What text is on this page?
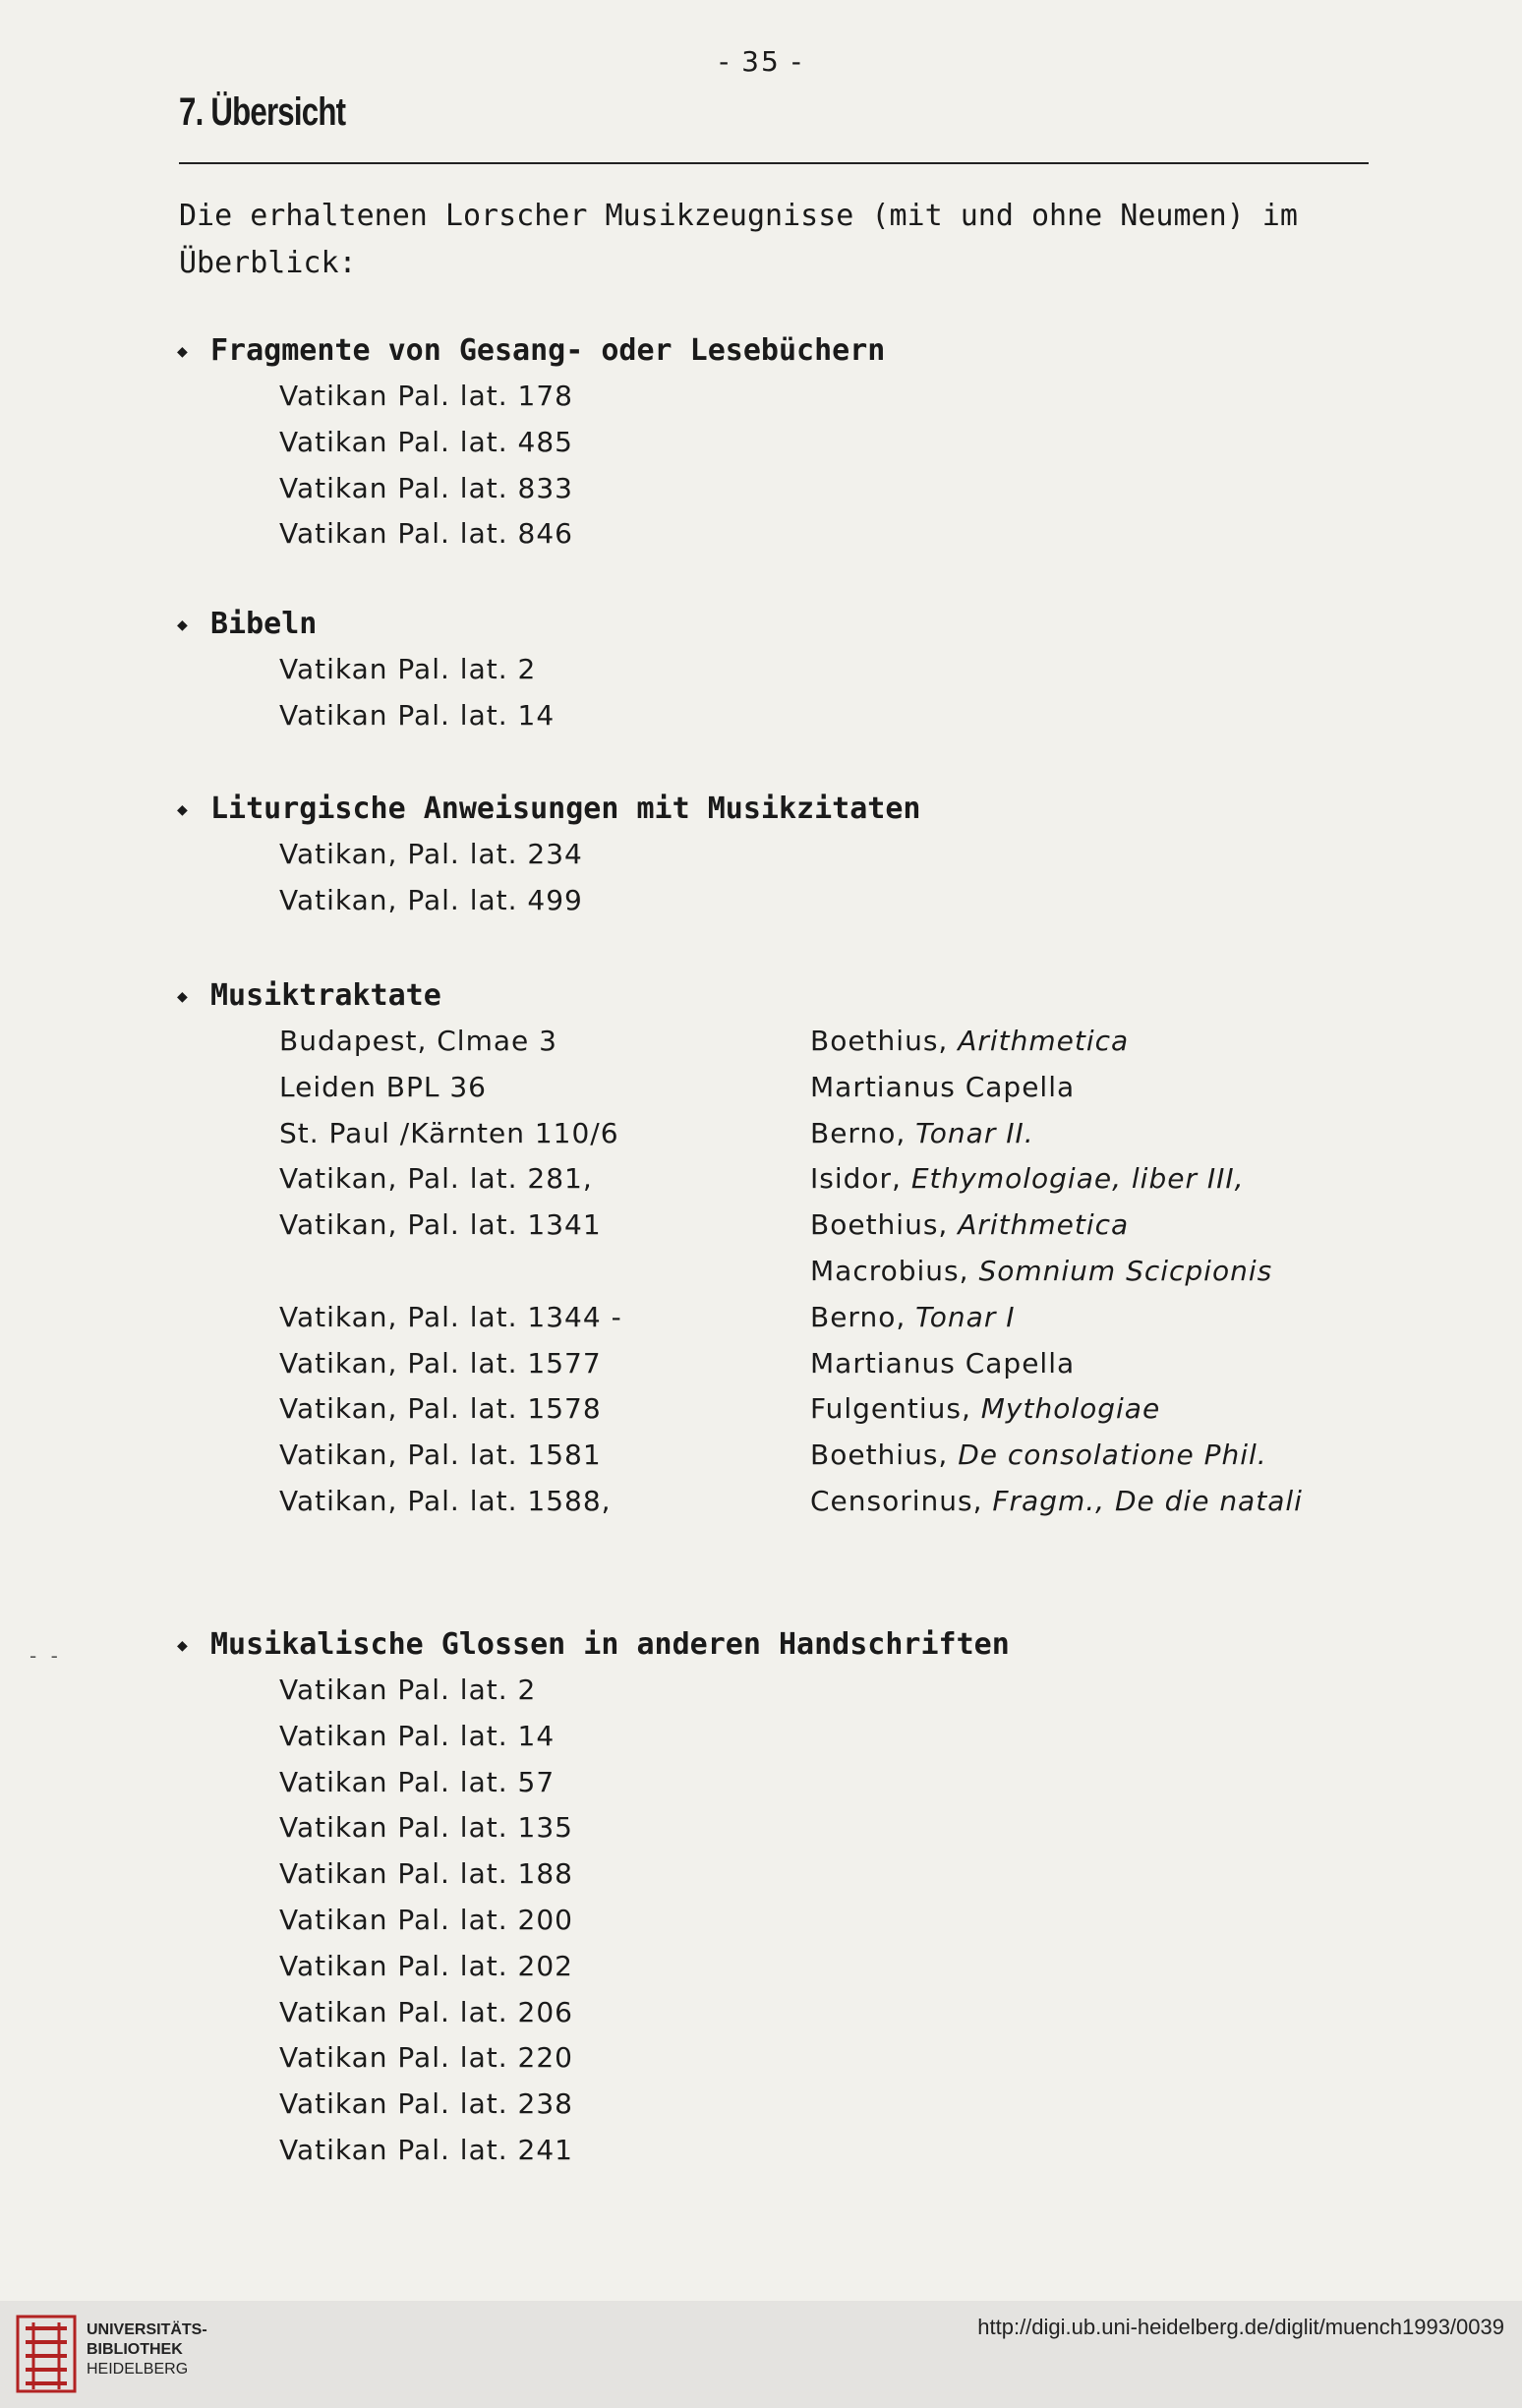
- 35 -
7. Übersicht
Die erhaltenen Lorscher Musikzeugnisse (mit und ohne Neumen) im Überblick:
◆ Fragmente von Gesang- oder Lesebüchern
Vatikan Pal. lat. 178
Vatikan Pal. lat. 485
Vatikan Pal. lat. 833
Vatikan Pal. lat. 846
◆ Bibeln
Vatikan Pal. lat. 2
Vatikan Pal. lat. 14
◆ Liturgische Anweisungen mit Musikzitaten
Vatikan, Pal. lat. 234
Vatikan, Pal. lat. 499
◆ Musiktraktate
Budapest, Clmae 3	Boethius, Arithmetica
Leiden BPL 36	Martianus Capella
St. Paul /Kärnten 110/6	Berno, Tonar II.
Vatikan, Pal. lat. 281,	Isidor, Ethymologiae, liber III,
Vatikan, Pal. lat. 1341	Boethius, Arithmetica
Macrobius, Somnium Scicpionis
Vatikan, Pal. lat. 1344 -	Berno, Tonar I
Vatikan, Pal. lat. 1577	Martianus Capella
Vatikan, Pal. lat. 1578	Fulgentius, Mythologiae
Vatikan, Pal. lat. 1581	Boethius, De consolatione Phil.
Vatikan, Pal. lat. 1588,	Censorinus, Fragm., De die natali
- -	◆ Musikalische Glossen in anderen Handschriften
Vatikan Pal. lat. 2
Vatikan Pal. lat. 14
Vatikan Pal. lat. 57
Vatikan Pal. lat. 135
Vatikan Pal. lat. 188
Vatikan Pal. lat. 200
Vatikan Pal. lat. 202
Vatikan Pal. lat. 206
Vatikan Pal. lat. 220
Vatikan Pal. lat. 238
Vatikan Pal. lat. 241
UNIVERSITÄTS-
BIBLIOTHEK
HEIDELBERG
http://digi.ub.uni-heidelberg.de/diglit/muench1993/0039
